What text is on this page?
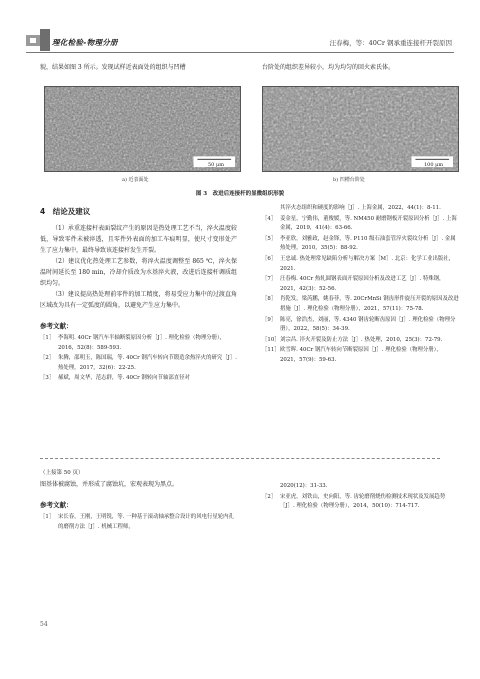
理化检验-物理分册	汪春梅，等：40Cr 钢承重连接杆开裂原因

貌，结果如图 3 所示。发现试样近表面处的组织与凹槽	台阶处的组织差异较小，均为均匀的回火索氏体。

50 μm	100 μm
a) 近表面处	b) 凹槽台阶处
图 3　改进后连接杆的显微组织形貌
4　结论及建议

（1）承重连接杆表面裂纹产生的原因是热处理工艺不当，淬火温度较低，导致零件未被淬透，且零件外表面的加工车痕明显，使尺寸变形处产生了应力集中，最终导致该连接杆发生开裂。

（2）建议优化热处理工艺参数，将淬火温度调整至 865 ℃，淬火保温时间延长至 180 min，冷却介质改为水基淬火液，改进后连接杆调质组织均匀。

（3）建议提高热处理前零件的加工精度，将易受应力集中的过渡直角区域改为具有一定弧度的圆角，以避免产生应力集中。

参考文献：
［1］ 李海明. 40Cr 钢汽车半轴断裂原因分析［J］. 理化检验（物理分册），2016，52(8)：589-593.
［2］ 朱腾，邵明玉，陈国瑞，等. 40Cr 钢汽车转向节锻造余热淬火的研究［J］. 热处理，2017，32(6)：22-25.
［3］ 郝斌，周文华，范志群，等. 40Cr 钢转向节轴部直径对
其淬火态组织和硬度的影响［J］. 上海金属，2022，44(1)：8-11.
［4］ 姜金星，宁勤伟，董俊媛，等. NM450 耐磨钢板开裂原因分析［J］. 上海金属，2019，41(4)：63-66.
［5］ 李亚欣，刘雅政，赵金锋，等. P110 级石油套管淬火裂纹分析［J］. 金属热处理，2010，35(5)：88-92.
［6］ 王忠诚. 热处理常见缺陷分析与解决方案［M］. 北京：化学工业出版社，2021.
［7］ 汪春梅. 40Cr 热轧圆钢表面开裂原因分析及改进工艺［J］. 特殊钢，2021，42(3)：52-56.
［8］ 肖乾发，梁芮鹏，姚春菲，等. 20CrMnSi 钢齿形件旋压开裂的原因及改进措施［J］. 理化检验（物理分册），2021，57(11)：75-78.
［9］ 陈亮，徐浩杰，刘丽，等. 4340 钢齿轮断齿原因［J］. 理化检验（物理分册），2022，58(5)：34-39.
［10］ 刘宗昌. 淬火开裂及防止方法［J］. 热处理，2010，25(3)：72-79.
［11］ 欧雪晖. 40Cr 钢汽车转向节断裂原因［J］. 理化检验（物理分册），2021，57(9)：59-63.

（上接第 50 页）

图基体被腐蚀，并形成了腐蚀坑，宏观表现为黑点。

参考文献：
［1］ 宋长春，王刚，王明锐，等. 一种基于滚动轴承整合设计的风电行星轮内孔的磨削方法［J］. 机械工程师，
2020(12)：31-33.
［2］ 宋亚虎，刘铁山，史向阳，等. 齿轮磨削烧伤检测技术现状及发展趋势［J］. 理化检验（物理分册），2014，50(10)：714-717.
54
